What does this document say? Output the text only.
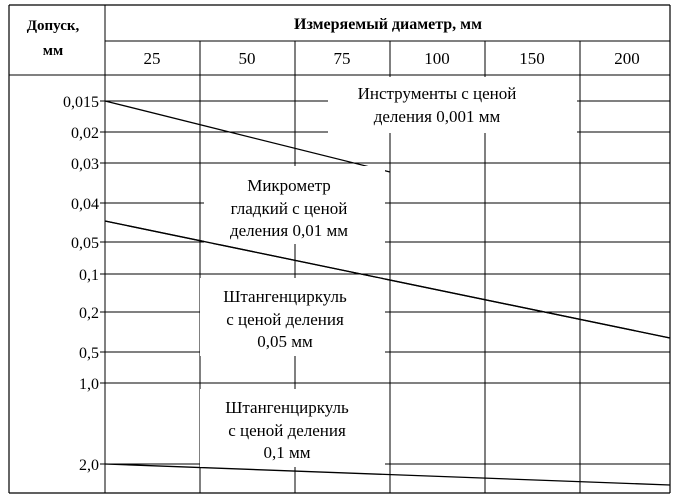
Допуск,
мм
Измеряемый диаметр, мм
25	50	75	100	150	200
0,015
0,02
0,03
0,04
0,05
0,1
0,2
0,5
1,0
2,0
Инструменты с ценой
деления 0,001 мм
Микрометр
гладкий с ценой
деления 0,01 мм
Штангенциркуль
с ценой деления
0,05 мм
Штангенциркуль
с ценой деления
0,1 мм
